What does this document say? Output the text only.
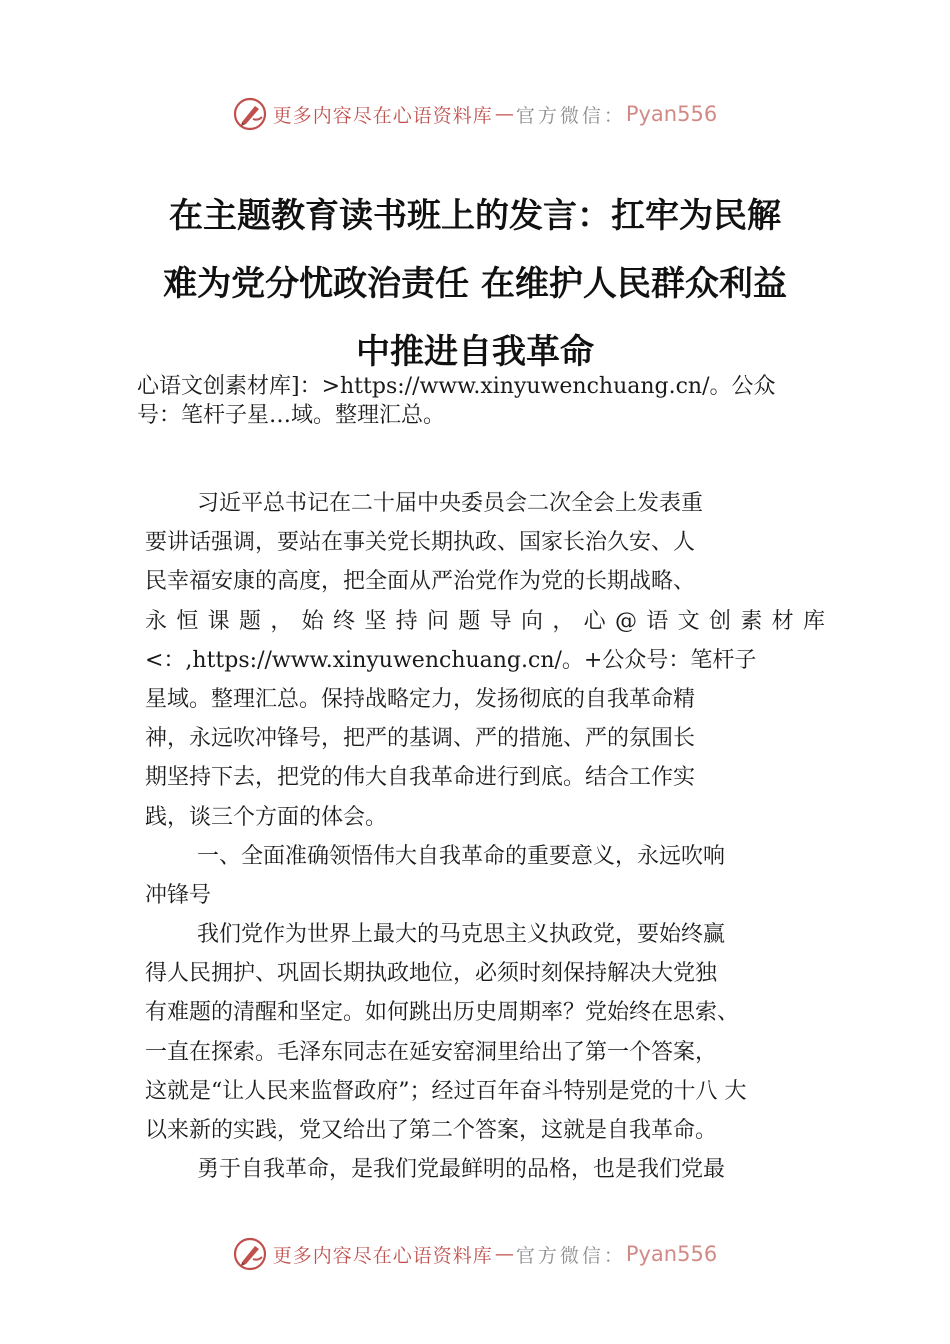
更多内容尽在心语资料库 — 官方微信： Pyan556
在主题教育读书班上的发言：扛牢为民解
难为党分忧政治责任 在维护人民群众利益
中推进自我革命
心语文创素材库]：>https://www.xinyuwenchuang.cn/。公众
号：笔杆子星…域。整理汇总。
习近平总书记在二十届中央委员会二次全会上发表重
要讲话强调，要站在事关党长期执政、国家长治久安、人
民幸福安康的高度，把全面从严治党作为党的长期战略、
永恒课题，始终坚持问题导向，心@语文创素材库
<：,https://www.xinyuwenchuang.cn/。+公众号：笔杆子
星域。整理汇总。保持战略定力，发扬彻底的自我革命精
神，永远吹冲锋号，把严的基调、严的措施、严的氛围长
期坚持下去，把党的伟大自我革命进行到底。结合工作实
践，谈三个方面的体会。
一、全面准确领悟伟大自我革命的重要意义，永远吹响
冲锋号
我们党作为世界上最大的马克思主义执政党，要始终赢
得人民拥护、巩固长期执政地位，必须时刻保持解决大党独
有难题的清醒和坚定。如何跳出历史周期率？党始终在思索、
一直在探索。毛泽东同志在延安窑洞里给出了第一个答案，
这就是“让人民来监督政府”；经过百年奋斗特别是党的十八 大
以来新的实践，党又给出了第二个答案，这就是自我革命。
勇于自我革命，是我们党最鲜明的品格，也是我们党最
更多内容尽在心语资料库 — 官方微信： Pyan556
